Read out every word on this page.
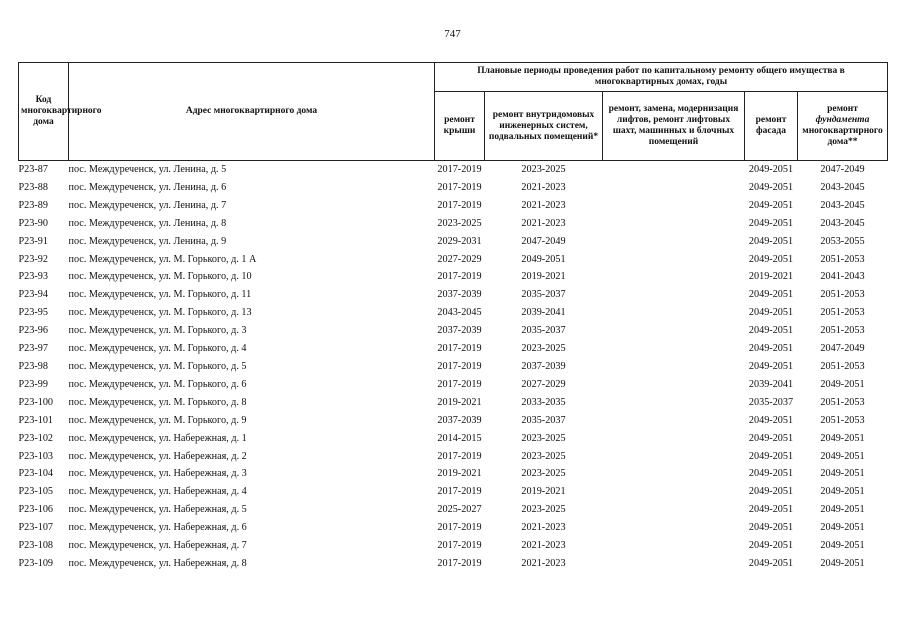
747
Код многоквартирного дома	Адрес многоквартирного дома	Плановые периоды проведения работ по капитальному ремонту общего имущества в многоквартирных домах, годы				
		ремонт крыши	ремонт внутридомовых инженерных систем, подвальных помещений*	ремонт, замена, модернизация лифтов, ремонт лифтовых шахт, машинных и блочных помещений	ремонт фасада	ремонт
фундамента
многоквартирного дома**
Р23-87	пос. Междуреченск, ул. Ленина, д. 5	2017-2019	2023-2025		2049-2051	2047-2049
Р23-88	пос. Междуреченск, ул. Ленина, д. 6	2017-2019	2021-2023		2049-2051	2043-2045
Р23-89	пос. Междуреченск, ул. Ленина, д. 7	2017-2019	2021-2023		2049-2051	2043-2045
Р23-90	пос. Междуреченск, ул. Ленина, д. 8	2023-2025	2021-2023		2049-2051	2043-2045
Р23-91	пос. Междуреченск, ул. Ленина, д. 9	2029-2031	2047-2049		2049-2051	2053-2055
Р23-92	пос. Междуреченск, ул. М. Горького, д. 1 А	2027-2029	2049-2051		2049-2051	2051-2053
Р23-93	пос. Междуреченск, ул. М. Горького, д. 10	2017-2019	2019-2021		2019-2021	2041-2043
Р23-94	пос. Междуреченск, ул. М. Горького, д. 11	2037-2039	2035-2037		2049-2051	2051-2053
Р23-95	пос. Междуреченск, ул. М. Горького, д. 13	2043-2045	2039-2041		2049-2051	2051-2053
Р23-96	пос. Междуреченск, ул. М. Горького, д. 3	2037-2039	2035-2037		2049-2051	2051-2053
Р23-97	пос. Междуреченск, ул. М. Горького, д. 4	2017-2019	2023-2025		2049-2051	2047-2049
Р23-98	пос. Междуреченск, ул. М. Горького, д. 5	2017-2019	2037-2039		2049-2051	2051-2053
Р23-99	пос. Междуреченск, ул. М. Горького, д. 6	2017-2019	2027-2029		2039-2041	2049-2051
Р23-100	пос. Междуреченск, ул. М. Горького, д. 8	2019-2021	2033-2035		2035-2037	2051-2053
Р23-101	пос. Междуреченск, ул. М. Горького, д. 9	2037-2039	2035-2037		2049-2051	2051-2053
Р23-102	пос. Междуреченск, ул. Набережная, д. 1	2014-2015	2023-2025		2049-2051	2049-2051
Р23-103	пос. Междуреченск, ул. Набережная, д. 2	2017-2019	2023-2025		2049-2051	2049-2051
Р23-104	пос. Междуреченск, ул. Набережная, д. 3	2019-2021	2023-2025		2049-2051	2049-2051
Р23-105	пос. Междуреченск, ул. Набережная, д. 4	2017-2019	2019-2021		2049-2051	2049-2051
Р23-106	пос. Междуреченск, ул. Набережная, д. 5	2025-2027	2023-2025		2049-2051	2049-2051
Р23-107	пос. Междуреченск, ул. Набережная, д. 6	2017-2019	2021-2023		2049-2051	2049-2051
Р23-108	пос. Междуреченск, ул. Набережная, д. 7	2017-2019	2021-2023		2049-2051	2049-2051
Р23-109	пос. Междуреченск, ул. Набережная, д. 8	2017-2019	2021-2023		2049-2051	2049-2051
